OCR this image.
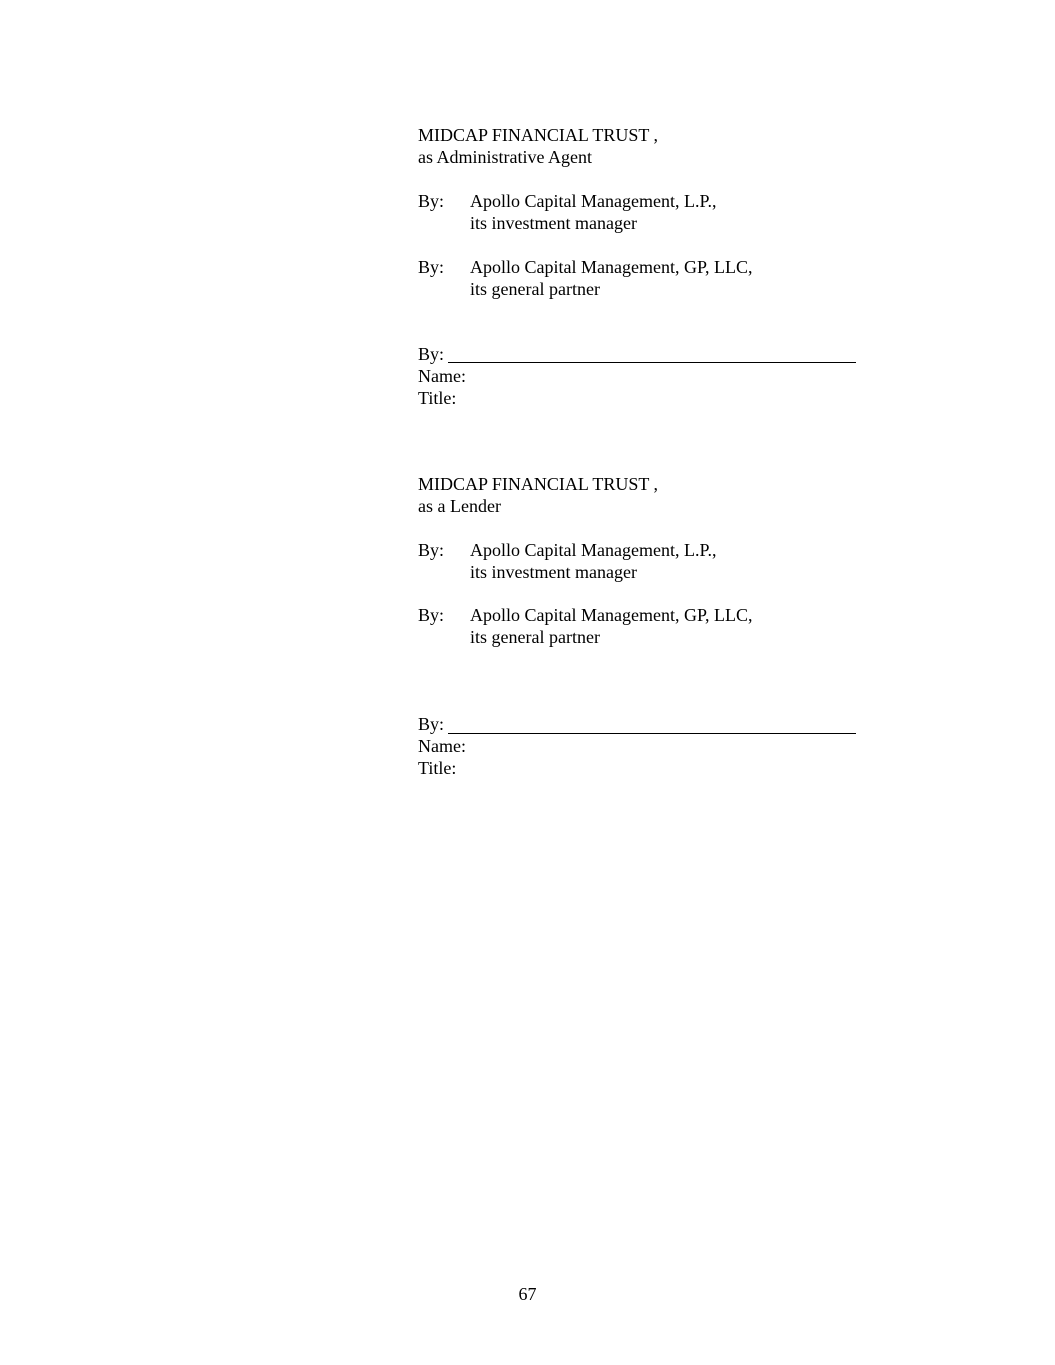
MIDCAP FINANCIAL TRUST ,
as Administrative Agent
By: Apollo Capital Management, L.P.,
its investment manager
By: Apollo Capital Management, GP, LLC,
its general partner
By:
Name:
Title:
MIDCAP FINANCIAL TRUST ,
as a Lender
By: Apollo Capital Management, L.P.,
its investment manager
By: Apollo Capital Management, GP, LLC,
its general partner
By:
Name:
Title:
67
